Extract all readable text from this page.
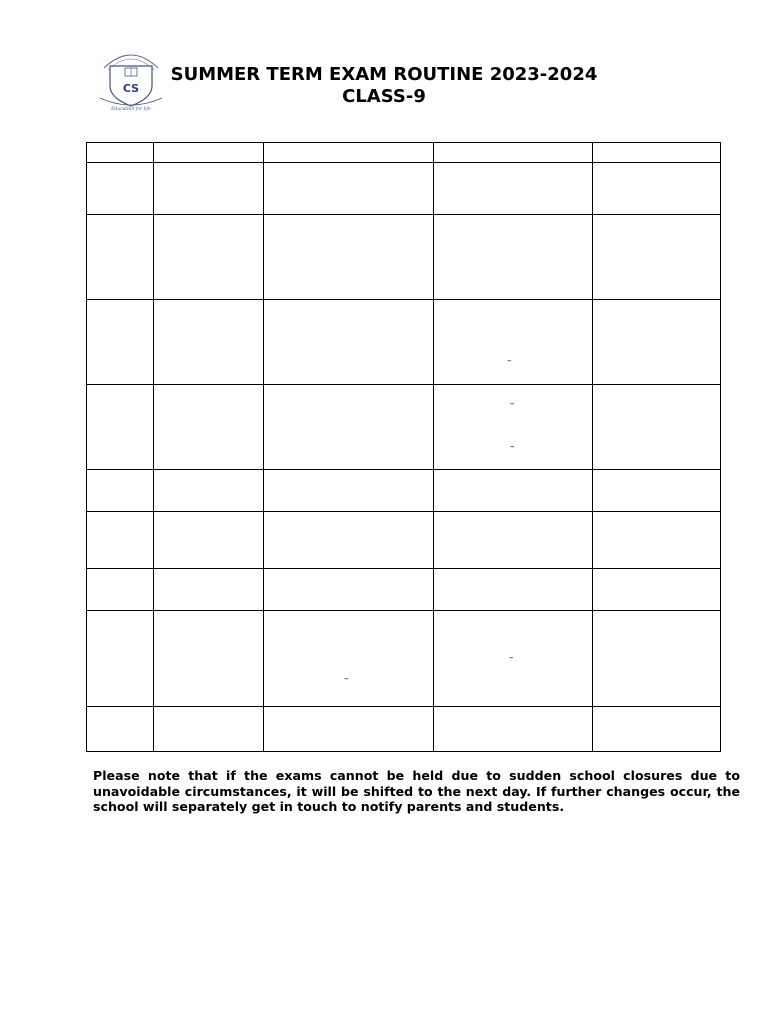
CS
Education for life
SUMMER TERM EXAM ROUTINE 2023-2024
CLASS-9

			–	

			–
–	

		–	–	

Please note that if the exams cannot be held due to sudden school closures due to unavoidable circumstances, it will be shifted to the next day. If further changes occur, the school will separately get in touch to notify parents and students.
